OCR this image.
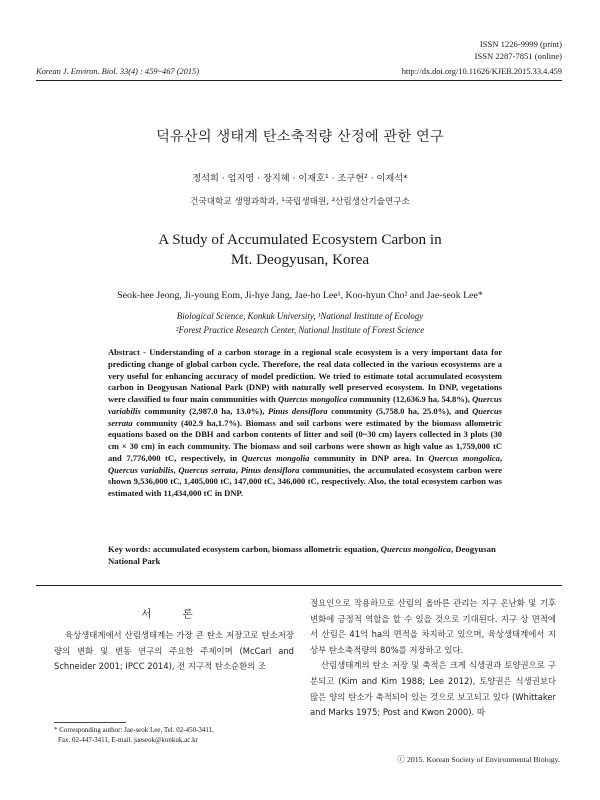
ISSN 1226-9999 (print)
ISSN 2287-7851 (online)
Korean J. Environ. Biol. 33(4) : 459~467 (2015)	http://dx.doi.org/10.11626/KJEB.2015.33.4.459
덕유산의 생태계 탄소축적량 산정에 관한 연구
정석희 · 엄지영 · 장지혜 · 이재호¹ · 조구현² · 이재석*
건국대학교 생명과학과, ¹국립생태원, ²산림생산기술연구소
A Study of Accumulated Ecosystem Carbon in
Mt. Deogyusan, Korea
Seok-hee Jeong, Ji-young Eom, Ji-hye Jang, Jae-ho Lee¹, Koo-hyun Cho² and Jae-seok Lee*
Biological Science, Konkuk University, ¹National Institute of Ecology
²Forest Practice Research Center, National Institute of Forest Science
Abstract - Understanding of a carbon storage in a regional scale ecosystem is a very important data for predicting change of global carbon cycle. Therefore, the real data collected in the various ecosystems are a very useful for enhancing accuracy of model prediction. We tried to estimate total accumulated ecosystem carbon in Deogyusan National Park (DNP) with naturally well preserved ecosystem. In DNP, vegetations were classified to four main communities with Quercus mongolica community (12,636.9 ha, 54.8%), Quercus variabilis community (2,987.0 ha, 13.0%), Pinus densiflora community (5,758.0 ha, 25.0%), and Quercus serrata community (402.9 ha,1.7%). Biomass and soil carbons were estimated by the biomass allometric equations based on the DBH and carbon contents of litter and soil (0~30 cm) layers collected in 3 plots (30 cm × 30 cm) in each community. The biomass and soil carbons were shown as high value as 1,759,000 tC and 7,776,000 tC, respectively, in Quercus mongolia community in DNP area. In Quercus mongolica, Quercus variabilis, Quercus serrata, Pinus densiflora communities, the accumulated ecosystem carbon were shown 9,536,000 tC, 1,405,000 tC, 147,000 tC, 346,000 tC, respectively. Also, the total ecosystem carbon was estimated with 11,434,000 tC in DNP.
Key words: accumulated ecosystem carbon, biomass allometric equation, Quercus mongolica, Deogyusan National Park
서 론

육상생태계에서 산림생태계는 가장 큰 탄소 저장고로 탄소저장량의 변화 및 변동 연구의 주요한 주제이며 (McCarl and Schneider 2001; IPCC 2014), 전 지구적 탄소순환의 조

절요인으로 작용하므로 산림의 올바른 관리는 지구 온난화 및 기후변화에 긍정적 역할을 할 수 있을 것으로 기대된다. 지구 상 면적에서 산림은 41억 ha의 면적을 차지하고 있으며, 육상생태계에서 지상부 탄소축적량의 80%를 저장하고 있다.

산림생태계의 탄소 저장 및 축적은 크게 식생권과 토양권으로 구분되고 (Kim and Kim 1988; Lee 2012), 토양권은 식생권보다 많은 양의 탄소가 축적되어 있는 것으로 보고되고 있다 (Whittaker and Marks 1975; Post and Kwon 2000). 따

* Corresponding author: Jae-seok Lee, Tel. 02-450-3411,
Fax. 02-447-3411, E-mail. jaeseok@konkuk.ac.kr
ⓒ 2015. Korean Society of Environmental Biology.
